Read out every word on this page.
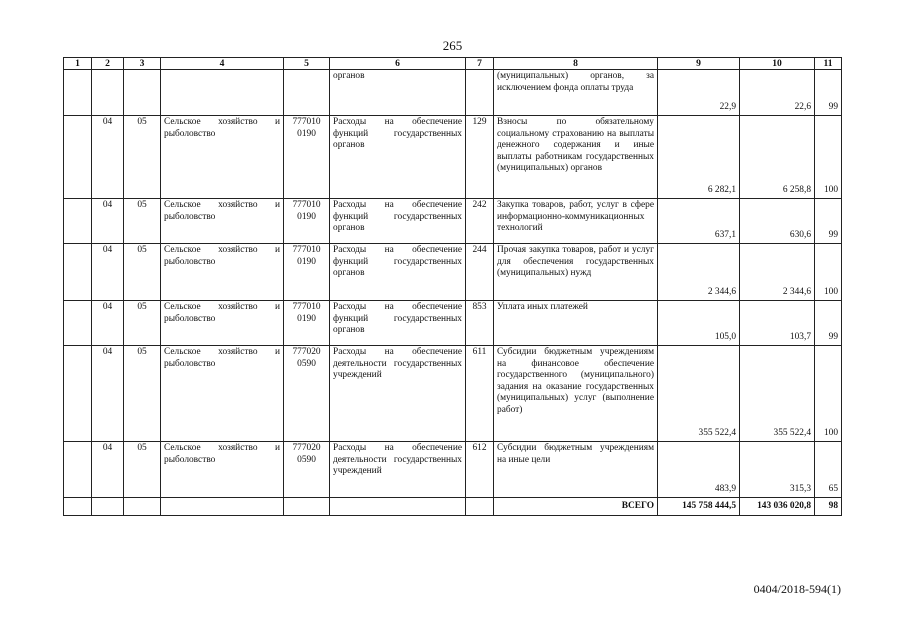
265
1	2	3	4	5	6	7	8	9	10	11
					органов		(муниципальных) органов, за исключением фонда оплаты труда	22,9	22,6	99
	04	05	Сельское хозяйство и рыболовство	777010 0190	Расходы на обеспечение функций государственных органов	129	Взносы по обязательному социальному страхованию на выплаты денежного содержания и иные выплаты работникам государственных (муниципальных) органов	6 282,1	6 258,8	100
	04	05	Сельское хозяйство и рыболовство	777010 0190	Расходы на обеспечение функций государственных органов	242	Закупка товаров, работ, услуг в сфере информационно-коммуникационных технологий	637,1	630,6	99
	04	05	Сельское хозяйство и рыболовство	777010 0190	Расходы на обеспечение функций государственных органов	244	Прочая закупка товаров, работ и услуг для обеспечения государственных (муниципальных) нужд	2 344,6	2 344,6	100
	04	05	Сельское хозяйство и рыболовство	777010 0190	Расходы на обеспечение функций государственных органов	853	Уплата иных платежей	105,0	103,7	99
	04	05	Сельское хозяйство и рыболовство	777020 0590	Расходы на обеспечение деятельности государственных учреждений	611	Субсидии бюджетным учреждениям на финансовое обеспечение государственного (муниципального) задания на оказание государственных (муниципальных) услуг (выполнение работ)	355 522,4	355 522,4	100
	04	05	Сельское хозяйство и рыболовство	777020 0590	Расходы на обеспечение деятельности государственных учреждений	612	Субсидии бюджетным учреждениям на иные цели	483,9	315,3	65
							ВСЕГО	145 758 444,5	143 036 020,8	98
0404/2018-594(1)
